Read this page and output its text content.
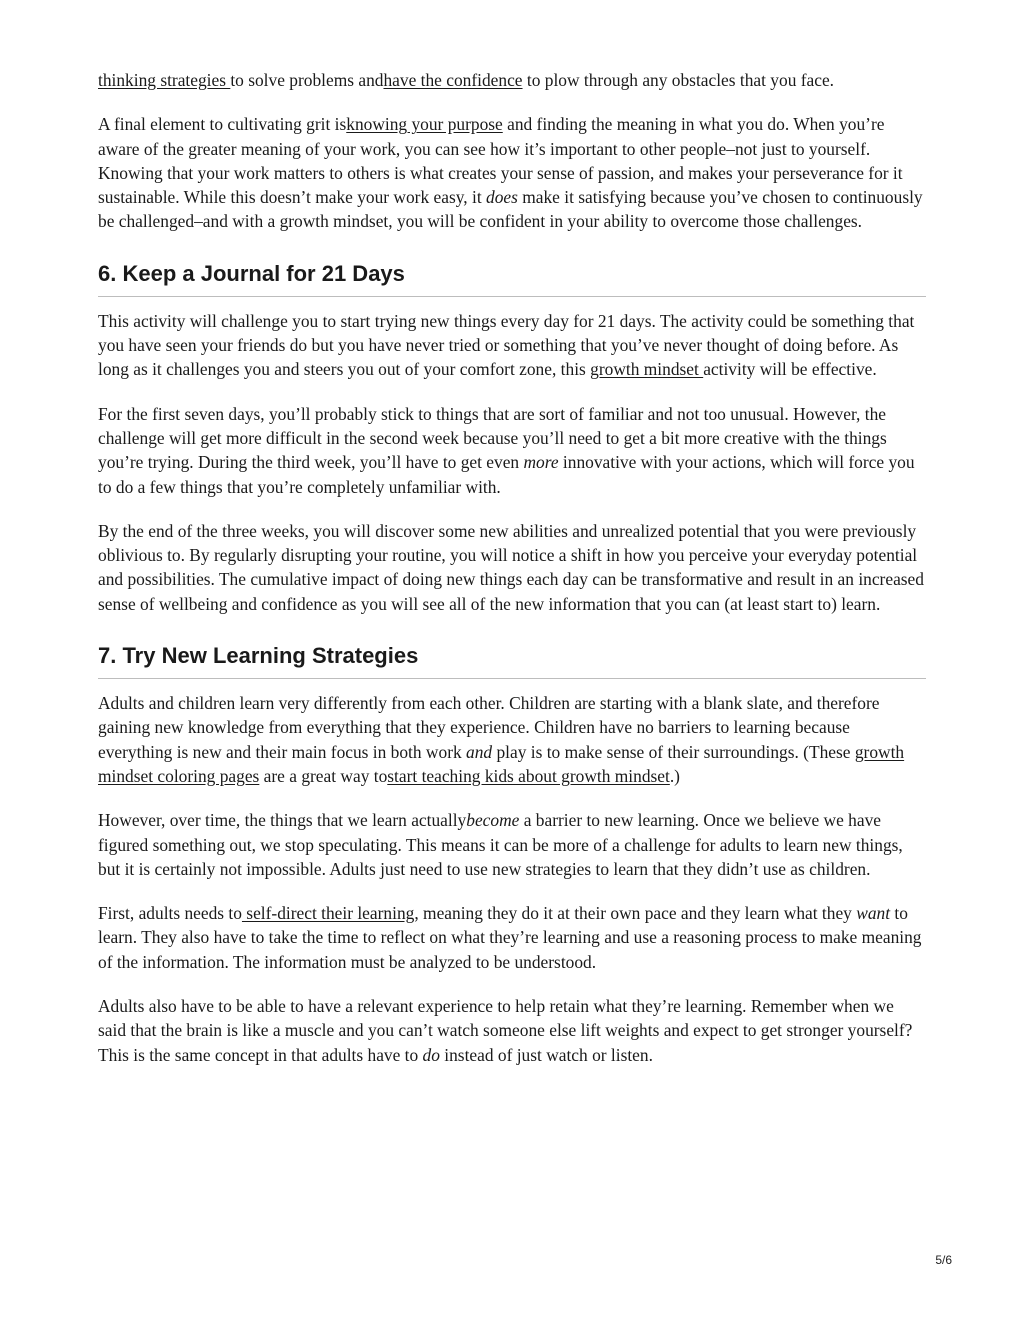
thinking strategies to solve problems andhave the confidence to plow through any obstacles that you face.

A final element to cultivating grit isknowing your purpose and finding the meaning in what you do. When you’re aware of the greater meaning of your work, you can see how it’s important to other people–not just to yourself. Knowing that your work matters to others is what creates your sense of passion, and makes your perseverance for it sustainable. While this doesn’t make your work easy, it does make it satisfying because you’ve chosen to continuously be challenged–and with a growth mindset, you will be confident in your ability to overcome those challenges.

6. Keep a Journal for 21 Days

This activity will challenge you to start trying new things every day for 21 days. The activity could be something that you have seen your friends do but you have never tried or something that you’ve never thought of doing before. As long as it challenges you and steers you out of your comfort zone, this growth mindset activity will be effective.

For the first seven days, you’ll probably stick to things that are sort of familiar and not too unusual. However, the challenge will get more difficult in the second week because you’ll need to get a bit more creative with the things you’re trying. During the third week, you’ll have to get even more innovative with your actions, which will force you to do a few things that you’re completely unfamiliar with.

By the end of the three weeks, you will discover some new abilities and unrealized potential that you were previously oblivious to. By regularly disrupting your routine, you will notice a shift in how you perceive your everyday potential and possibilities. The cumulative impact of doing new things each day can be transformative and result in an increased sense of wellbeing and confidence as you will see all of the new information that you can (at least start to) learn.

7. Try New Learning Strategies

Adults and children learn very differently from each other. Children are starting with a blank slate, and therefore gaining new knowledge from everything that they experience. Children have no barriers to learning because everything is new and their main focus in both work and play is to make sense of their surroundings. (These growth mindset coloring pages are a great way tostart teaching kids about growth mindset.)

However, over time, the things that we learn actuallybecome a barrier to new learning. Once we believe we have figured something out, we stop speculating. This means it can be more of a challenge for adults to learn new things, but it is certainly not impossible. Adults just need to use new strategies to learn that they didn’t use as children.

First, adults needs to self-direct their learning, meaning they do it at their own pace and they learn what they want to learn. They also have to take the time to reflect on what they’re learning and use a reasoning process to make meaning of the information. The information must be analyzed to be understood.

Adults also have to be able to have a relevant experience to help retain what they’re learning. Remember when we said that the brain is like a muscle and you can’t watch someone else lift weights and expect to get stronger yourself? This is the same concept in that adults have to do instead of just watch or listen.

5/6
